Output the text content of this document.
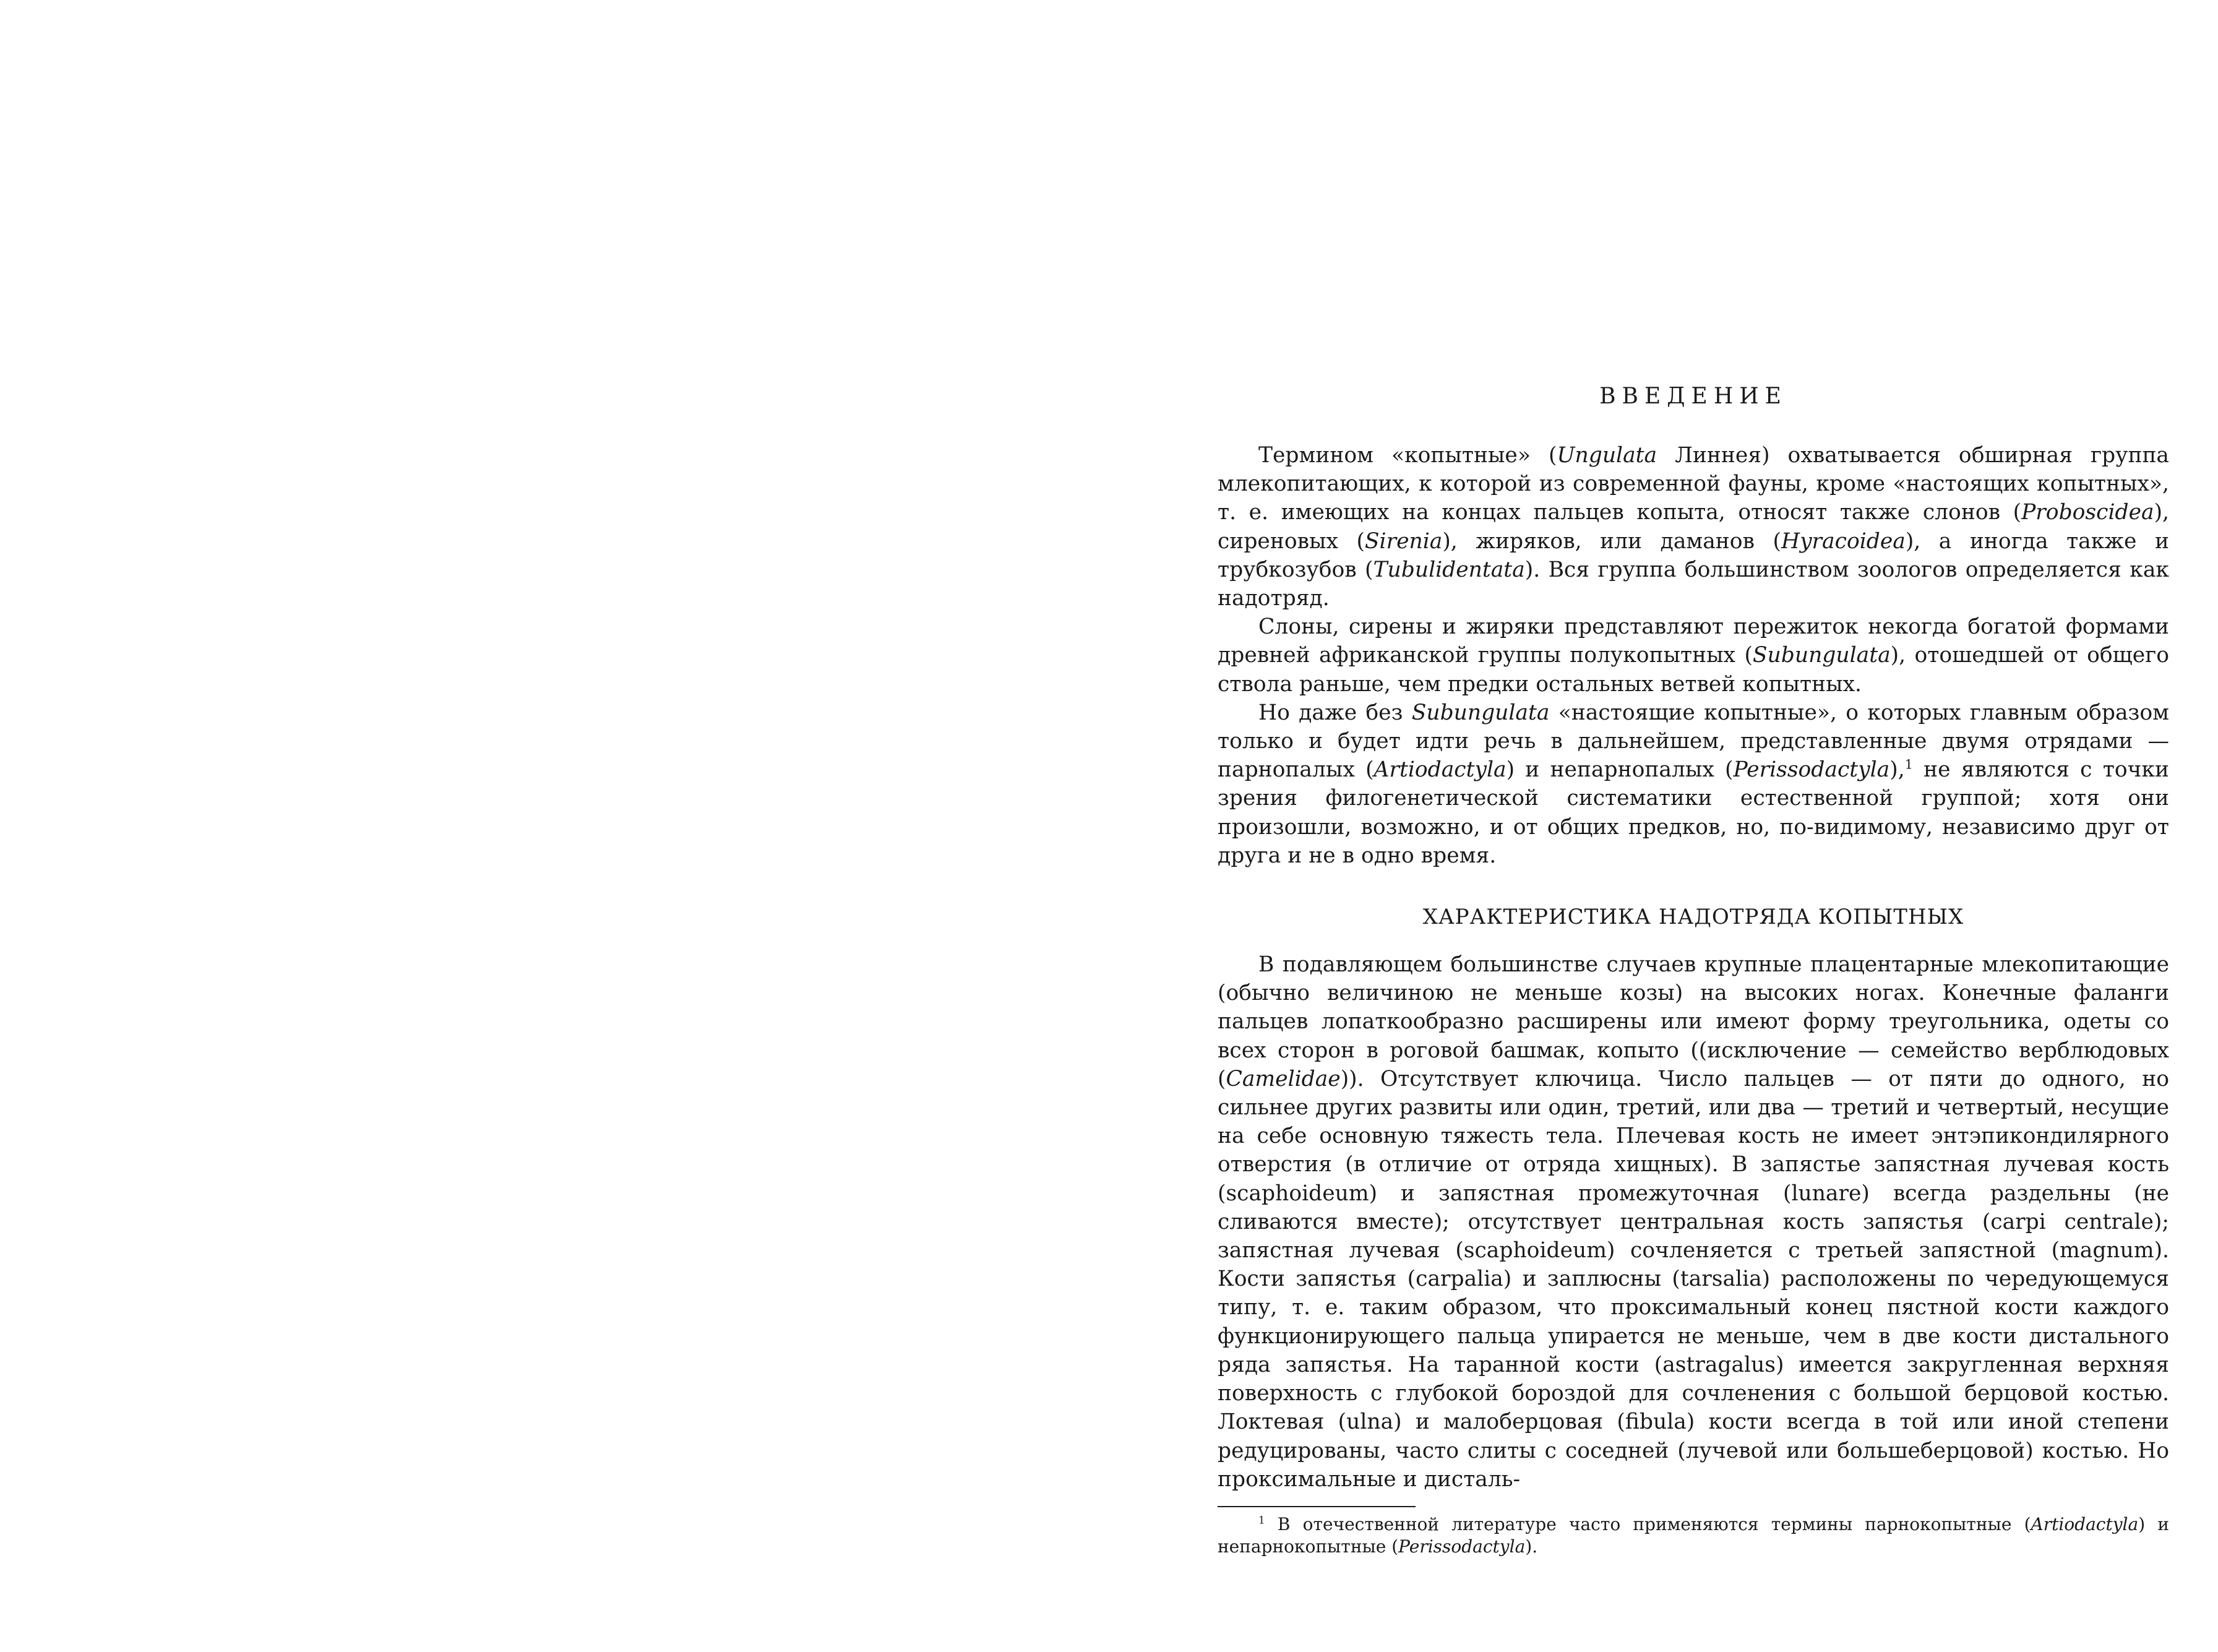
ВВЕДЕНИЕ

Термином «копытные» (Ungulata Линнея) охватывается обширная группа млекопитающих, к которой из современной фауны, кроме «настоящих копытных», т. е. имеющих на концах пальцев копыта, относят также слонов (Proboscidea), сиреновых (Sirenia), жиряков, или даманов (Hyracoidea), а иногда также и трубкозубов (Tubulidentata). Вся группа большинством зоологов определяется как надотряд.

Слоны, сирены и жиряки представляют пережиток некогда богатой формами древней африканской группы полукопытных (Subungulata), отошедшей от общего ствола раньше, чем предки остальных ветвей копытных.

Но даже без Subungulata «настоящие копытные», о которых главным образом только и будет идти речь в дальнейшем, представленные двумя отрядами — парнопалых (Artiodactyla) и непарнопалых (Perissodactyla),$^1$ не являются с точки зрения филогенетической систематики естественной группой; хотя они произошли, возможно, и от общих предков, но, по-видимому, независимо друг от друга и не в одно время.

ХАРАКТЕРИСТИКА НАДОТРЯДА КОПЫТНЫХ

В подавляющем большинстве случаев крупные плацентарные млекопитающие (обычно величиною не меньше козы) на высоких ногах. Конечные фаланги пальцев лопаткообразно расширены или имеют форму треугольника, одеты со всех сторон в роговой башмак, копыто ((исключение — семейство верблюдовых (Camelidae)). Отсутствует ключица. Число пальцев — от пяти до одного, но сильнее других развиты или один, третий, или два — третий и четвертый, несущие на себе основную тяжесть тела. Плечевая кость не имеет энтэпикондилярного отверстия (в отличие от отряда хищных). В запястье запястная лучевая кость (scaphoideum) и запястная промежуточная (lunare) всегда раздельны (не сливаются вместе); отсутствует центральная кость запястья (carpi centrale); запястная лучевая (scaphoideum) сочленяется с третьей запястной (magnum). Кости запястья (carpalia) и заплюсны (tarsalia) расположены по чередующемуся типу, т. е. таким образом, что проксимальный конец пястной кости каждого функционирующего пальца упирается не меньше, чем в две кости дистального ряда запястья. На таранной кости (astragalus) имеется закругленная верхняя поверхность с глубокой бороздой для сочленения с большой берцовой костью. Локтевая (ulna) и малоберцовая (fibula) кости всегда в той или иной степени редуцированы, часто слиты с соседней (лучевой или большеберцовой) костью. Но проксимальные и дисталь-

$^1$ В отечественной литературе часто применяются термины парнокопытные (Artiodactyla) и непарнокопытные (Perissodactyla).
